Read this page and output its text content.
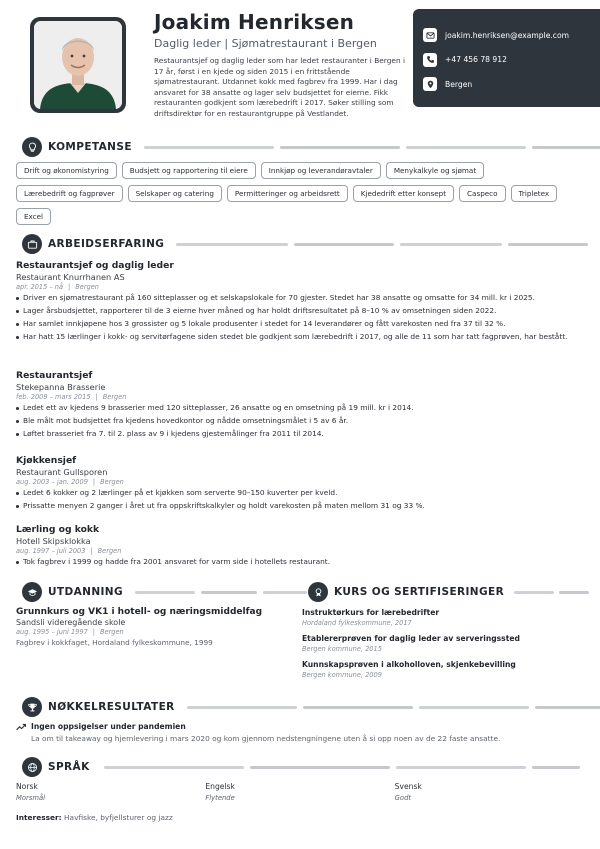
Joakim Henriksen
Daglig leder | Sjømatrestaurant i Bergen
Restaurantsjef og daglig leder som har ledet restauranter i Bergen i 17 år, først i en kjede og siden 2015 i en frittstående sjømatrestaurant. Utdannet kokk med fagbrev fra 1999. Har i dag ansvaret for 38 ansatte og lager selv budsjettet for eierne. Fikk restauranten godkjent som lærebedrift i 2017. Søker stilling som driftsdirektør for en restaurantgruppe på Vestlandet.
joakim.henriksen@example.com
+47 456 78 912
Bergen
KOMPETANSE
Drift og økonomistyring	Budsjett og rapportering til eiere	Innkjøp og leverandøravtaler	Menykalkyle og sjømat
Lærebedrift og fagprøver	Selskaper og catering	Permitteringer og arbeidsrett	Kjededrift etter konsept	Caspeco	Tripletex
Excel
ARBEIDSERFARING
Restaurantsjef og daglig leder
Restaurant Knurrhanen AS
apr. 2015 – nå | Bergen
Driver en sjømatrestaurant på 160 sitteplasser og et selskapslokale for 70 gjester. Stedet har 38 ansatte og omsatte for 34 mill. kr i 2025.
Lager årsbudsjettet, rapporterer til de 3 eierne hver måned og har holdt driftsresultatet på 8–10 % av omsetningen siden 2022.
Har samlet innkjøpene hos 3 grossister og 5 lokale produsenter i stedet for 14 leverandører og fått varekosten ned fra 37 til 32 %.
Har hatt 15 lærlinger i kokk- og servitørfagene siden stedet ble godkjent som lærebedrift i 2017, og alle de 11 som har tatt fagprøven, har bestått.
Restaurantsjef
Stekepanna Brasserie
feb. 2009 – mars 2015 | Bergen
Ledet ett av kjedens 9 brasserier med 120 sitteplasser, 26 ansatte og en omsetning på 19 mill. kr i 2014.
Ble målt mot budsjettet fra kjedens hovedkontor og nådde omsetningsmålet i 5 av 6 år.
Løftet brasseriet fra 7. til 2. plass av 9 i kjedens gjestemålinger fra 2011 til 2014.
Kjøkkensjef
Restaurant Gullsporen
aug. 2003 – jan. 2009 | Bergen
Ledet 6 kokker og 2 lærlinger på et kjøkken som serverte 90–150 kuverter per kveld.
Prissatte menyen 2 ganger i året ut fra oppskriftskalkyler og holdt varekosten på maten mellom 31 og 33 %.
Lærling og kokk
Hotell Skipsklokka
aug. 1997 – juli 2003 | Bergen
Tok fagbrev i 1999 og hadde fra 2001 ansvaret for varm side i hotellets restaurant.
UTDANNING
Grunnkurs og VK1 i hotell- og næringsmiddelfag
Sandsli videregående skole
aug. 1995 – juni 1997 | Bergen
Fagbrev i kokkfaget, Hordaland fylkeskommune, 1999
KURS OG SERTIFISERINGER
Instruktørkurs for lærebedrifter
Hordaland fylkeskommune, 2017
Etablererprøven for daglig leder av serveringssted
Bergen kommune, 2015
Kunnskapsprøven i alkoholloven, skjenkebevilling
Bergen kommune, 2009
NØKKELRESULTATER
Ingen oppsigelser under pandemien
La om til takeaway og hjemlevering i mars 2020 og kom gjennom nedstengningene uten å si opp noen av de 22 faste ansatte.
SPRÅK
Norsk
Morsmål
Engelsk
Flytende
Svensk
Godt
Interesser: Havfiske, byfjellsturer og jazz
